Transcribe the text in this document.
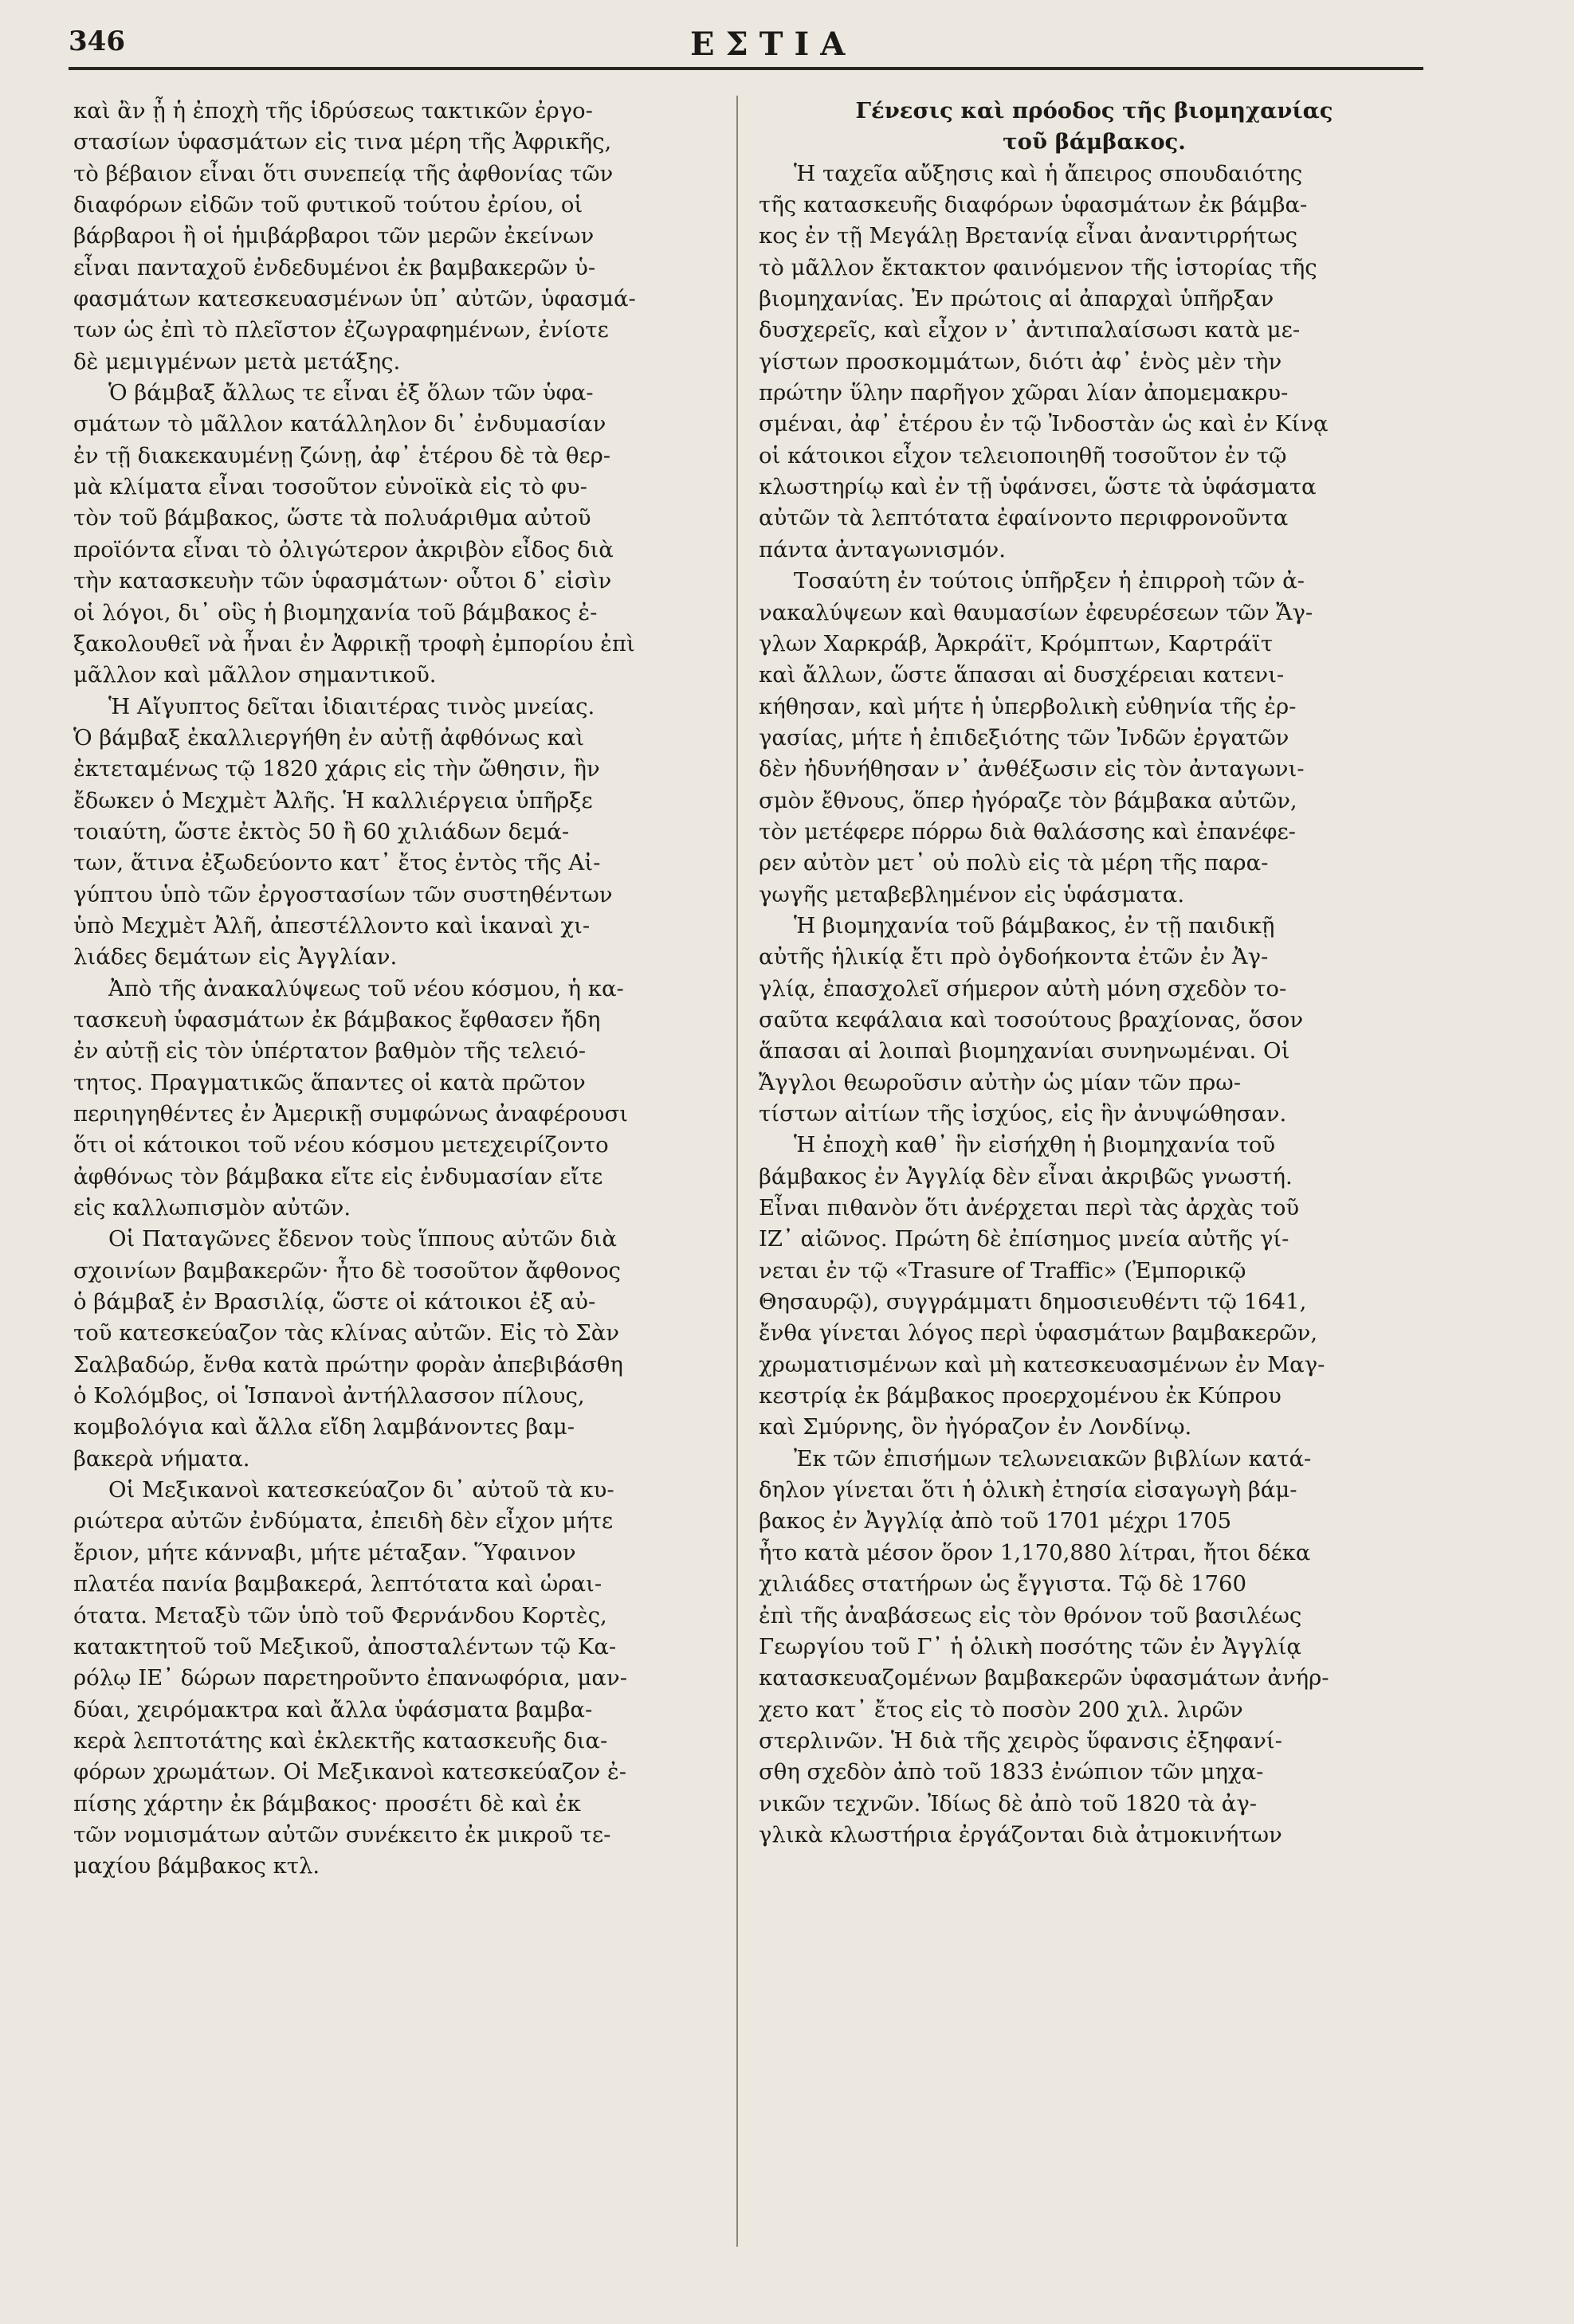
346	ΕΣΤΙΑ
καὶ ἂν ᾖ ἡ ἐποχὴ τῆς ἱδρύσεως τακτικῶν ἐργο-
στασίων ὑφασμάτων εἰς τινα μέρη τῆς Ἀφρικῆς,
τὸ βέβαιον εἶναι ὅτι συνεπείᾳ τῆς ἀφθονίας τῶν
διαφόρων εἰδῶν τοῦ φυτικοῦ τούτου ἐρίου, οἱ
βάρβαροι ἢ οἱ ἡμιβάρβαροι τῶν μερῶν ἐκείνων
εἶναι πανταχοῦ ἐνδεδυμένοι ἐκ βαμβακερῶν ὑ-
φασμάτων κατεσκευασμένων ὑπ᾽ αὐτῶν, ὑφασμά-
των ὡς ἐπὶ τὸ πλεῖστον ἐζωγραφημένων, ἐνίοτε
δὲ μεμιγμένων μετὰ μετάξης.
Ὁ βάμβαξ ἄλλως τε εἶναι ἐξ ὅλων τῶν ὑφα-
σμάτων τὸ μᾶλλον κατάλληλον δι᾽ ἐνδυμασίαν
ἐν τῇ διακεκαυμένῃ ζώνῃ, ἀφ᾽ ἑτέρου δὲ τὰ θερ-
μὰ κλίματα εἶναι τοσοῦτον εὐνοϊκὰ εἰς τὸ φυ-
τὸν τοῦ βάμβακος, ὥστε τὰ πολυάριθμα αὐτοῦ
προϊόντα εἶναι τὸ ὀλιγώτερον ἀκριβὸν εἶδος διὰ
τὴν κατασκευὴν τῶν ὑφασμάτων· οὗτοι δ᾽ εἰσὶν
οἱ λόγοι, δι᾽ οὓς ἡ βιομηχανία τοῦ βάμβακος ἐ-
ξακολουθεῖ νὰ ἦναι ἐν Ἀφρικῇ τροφὴ ἐμπορίου ἐπὶ
μᾶλλον καὶ μᾶλλον σημαντικοῦ.
Ἡ Αἴγυπτος δεῖται ἰδιαιτέρας τινὸς μνείας.
Ὁ βάμβαξ ἐκαλλιεργήθη ἐν αὐτῇ ἀφθόνως καὶ
ἐκτεταμένως τῷ 1820 χάρις εἰς τὴν ὤθησιν, ἣν
ἔδωκεν ὁ Μεχμὲτ Ἀλῆς. Ἡ καλλιέργεια ὑπῆρξε
τοιαύτη, ὥστε ἐκτὸς 50 ἢ 60 χιλιάδων δεμά-
των, ἅτινα ἐξωδεύοντο κατ᾽ ἔτος ἐντὸς τῆς Αἰ-
γύπτου ὑπὸ τῶν ἐργοστασίων τῶν συστηθέντων
ὑπὸ Μεχμὲτ Ἀλῆ, ἀπεστέλλοντο καὶ ἱκαναὶ χι-
λιάδες δεμάτων εἰς Ἀγγλίαν.
Ἀπὸ τῆς ἀνακαλύψεως τοῦ νέου κόσμου, ἡ κα-
τασκευὴ ὑφασμάτων ἐκ βάμβακος ἔφθασεν ἤδη
ἐν αὐτῇ εἰς τὸν ὑπέρτατον βαθμὸν τῆς τελειό-
τητος. Πραγματικῶς ἅπαντες οἱ κατὰ πρῶτον
περιηγηθέντες ἐν Ἀμερικῇ συμφώνως ἀναφέρουσι
ὅτι οἱ κάτοικοι τοῦ νέου κόσμου μετεχειρίζοντο
ἀφθόνως τὸν βάμβακα εἴτε εἰς ἐνδυμασίαν εἴτε
εἰς καλλωπισμὸν αὐτῶν.
Οἱ Παταγῶνες ἔδενον τοὺς ἵππους αὐτῶν διὰ
σχοινίων βαμβακερῶν· ἦτο δὲ τοσοῦτον ἄφθονος
ὁ βάμβαξ ἐν Βρασιλίᾳ, ὥστε οἱ κάτοικοι ἐξ αὐ-
τοῦ κατεσκεύαζον τὰς κλίνας αὐτῶν. Εἰς τὸ Σὰν
Σαλβαδώρ, ἔνθα κατὰ πρώτην φορὰν ἀπεβιβάσθη
ὁ Κολόμβος, οἱ Ἱσπανοὶ ἀντήλλασσον πίλους,
κομβολόγια καὶ ἄλλα εἴδη λαμβάνοντες βαμ-
βακερὰ νήματα.
Οἱ Μεξικανοὶ κατεσκεύαζον δι᾽ αὐτοῦ τὰ κυ-
ριώτερα αὐτῶν ἐνδύματα, ἐπειδὴ δὲν εἶχον μήτε
ἔριον, μήτε κάνναβι, μήτε μέταξαν. Ὕφαινον
πλατέα πανία βαμβακερά, λεπτότατα καὶ ὡραι-
ότατα. Μεταξὺ τῶν ὑπὸ τοῦ Φερνάνδου Κορτὲς,
κατακτητοῦ τοῦ Μεξικοῦ, ἀποσταλέντων τῷ Κα-
ρόλῳ ΙΕ᾽ δώρων παρετηροῦντο ἐπανωφόρια, μαν-
δύαι, χειρόμακτρα καὶ ἄλλα ὑφάσματα βαμβα-
κερὰ λεπτοτάτης καὶ ἐκλεκτῆς κατασκευῆς δια-
φόρων χρωμάτων. Οἱ Μεξικανοὶ κατεσκεύαζον ἐ-
πίσης χάρτην ἐκ βάμβακος· προσέτι δὲ καὶ ἐκ
τῶν νομισμάτων αὐτῶν συνέκειτο ἐκ μικροῦ τε-
μαχίου βάμβακος κτλ.
Γένεσις καὶ πρόοδος τῆς βιομηχανίας
τοῦ βάμβακος.
Ἡ ταχεῖα αὔξησις καὶ ἡ ἄπειρος σπουδαιότης
τῆς κατασκευῆς διαφόρων ὑφασμάτων ἐκ βάμβα-
κος ἐν τῇ Μεγάλῃ Βρετανίᾳ εἶναι ἀναντιρρήτως
τὸ μᾶλλον ἔκτακτον φαινόμενον τῆς ἱστορίας τῆς
βιομηχανίας. Ἐν πρώτοις αἱ ἀπαρχαὶ ὑπῆρξαν
δυσχερεῖς, καὶ εἶχον ν᾽ ἀντιπαλαίσωσι κατὰ με-
γίστων προσκομμάτων, διότι ἀφ᾽ ἑνὸς μὲν τὴν
πρώτην ὕλην παρῆγον χῶραι λίαν ἀπομεμακρυ-
σμέναι, ἀφ᾽ ἑτέρου ἐν τῷ Ἰνδοστὰν ὡς καὶ ἐν Κίνᾳ
οἱ κάτοικοι εἶχον τελειοποιηθῆ τοσοῦτον ἐν τῷ
κλωστηρίῳ καὶ ἐν τῇ ὑφάνσει, ὥστε τὰ ὑφάσματα
αὐτῶν τὰ λεπτότατα ἐφαίνοντο περιφρονοῦντα
πάντα ἀνταγωνισμόν.
Τοσαύτη ἐν τούτοις ὑπῆρξεν ἡ ἐπιρροὴ τῶν ἀ-
νακαλύψεων καὶ θαυμασίων ἐφευρέσεων τῶν Ἄγ-
γλων Χαρκράβ, Ἀρκράϊτ, Κρόμπτων, Καρτράϊτ
καὶ ἄλλων, ὥστε ἅπασαι αἱ δυσχέρειαι κατενι-
κήθησαν, καὶ μήτε ἡ ὑπερβολικὴ εὐθηνία τῆς ἐρ-
γασίας, μήτε ἡ ἐπιδεξιότης τῶν Ἰνδῶν ἐργατῶν
δὲν ἠδυνήθησαν ν᾽ ἀνθέξωσιν εἰς τὸν ἀνταγωνι-
σμὸν ἔθνους, ὅπερ ἠγόραζε τὸν βάμβακα αὐτῶν,
τὸν μετέφερε πόρρω διὰ θαλάσσης καὶ ἐπανέφε-
ρεν αὐτὸν μετ᾽ οὐ πολὺ εἰς τὰ μέρη τῆς παρα-
γωγῆς μεταβεβλημένον εἰς ὑφάσματα.
Ἡ βιομηχανία τοῦ βάμβακος, ἐν τῇ παιδικῇ
αὐτῆς ἡλικίᾳ ἔτι πρὸ ὀγδοήκοντα ἐτῶν ἐν Ἀγ-
γλίᾳ, ἐπασχολεῖ σήμερον αὐτὴ μόνη σχεδὸν το-
σαῦτα κεφάλαια καὶ τοσούτους βραχίονας, ὅσον
ἅπασαι αἱ λοιπαὶ βιομηχανίαι συνηνωμέναι. Οἱ
Ἄγγλοι θεωροῦσιν αὐτὴν ὡς μίαν τῶν πρω-
τίστων αἰτίων τῆς ἰσχύος, εἰς ἣν ἀνυψώθησαν.
Ἡ ἐποχὴ καθ᾽ ἣν εἰσήχθη ἡ βιομηχανία τοῦ
βάμβακος ἐν Ἀγγλίᾳ δὲν εἶναι ἀκριβῶς γνωστή.
Εἶναι πιθανὸν ὅτι ἀνέρχεται περὶ τὰς ἀρχὰς τοῦ
ΙΖ᾽ αἰῶνος. Πρώτη δὲ ἐπίσημος μνεία αὐτῆς γί-
νεται ἐν τῷ «Trasure of Traffic» (Ἐμπορικῷ
Θησαυρῷ), συγγράμματι δημοσιευθέντι τῷ 1641,
ἔνθα γίνεται λόγος περὶ ὑφασμάτων βαμβακερῶν,
χρωματισμένων καὶ μὴ κατεσκευασμένων ἐν Μαγ-
κεστρίᾳ ἐκ βάμβακος προερχομένου ἐκ Κύπρου
καὶ Σμύρνης, ὃν ἠγόραζον ἐν Λονδίνῳ.
Ἐκ τῶν ἐπισήμων τελωνειακῶν βιβλίων κατά-
δηλον γίνεται ὅτι ἡ ὁλικὴ ἐτησία εἰσαγωγὴ βάμ-
βακος ἐν Ἀγγλίᾳ ἀπὸ τοῦ 1701 μέχρι 1705
ἦτο κατὰ μέσον ὅρον 1,170,880 λίτραι, ἤτοι δέκα
χιλιάδες στατήρων ὡς ἔγγιστα. Τῷ δὲ 1760
ἐπὶ τῆς ἀναβάσεως εἰς τὸν θρόνον τοῦ βασιλέως
Γεωργίου τοῦ Γ᾽ ἡ ὁλικὴ ποσότης τῶν ἐν Ἀγγλίᾳ
κατασκευαζομένων βαμβακερῶν ὑφασμάτων ἀνήρ-
χετο κατ᾽ ἔτος εἰς τὸ ποσὸν 200 χιλ. λιρῶν
στερλινῶν. Ἡ διὰ τῆς χειρὸς ὕφανσις ἐξηφανί-
σθη σχεδὸν ἀπὸ τοῦ 1833 ἐνώπιον τῶν μηχα-
νικῶν τεχνῶν. Ἰδίως δὲ ἀπὸ τοῦ 1820 τὰ ἀγ-
γλικὰ κλωστήρια ἐργάζονται διὰ ἀτμοκινήτων
